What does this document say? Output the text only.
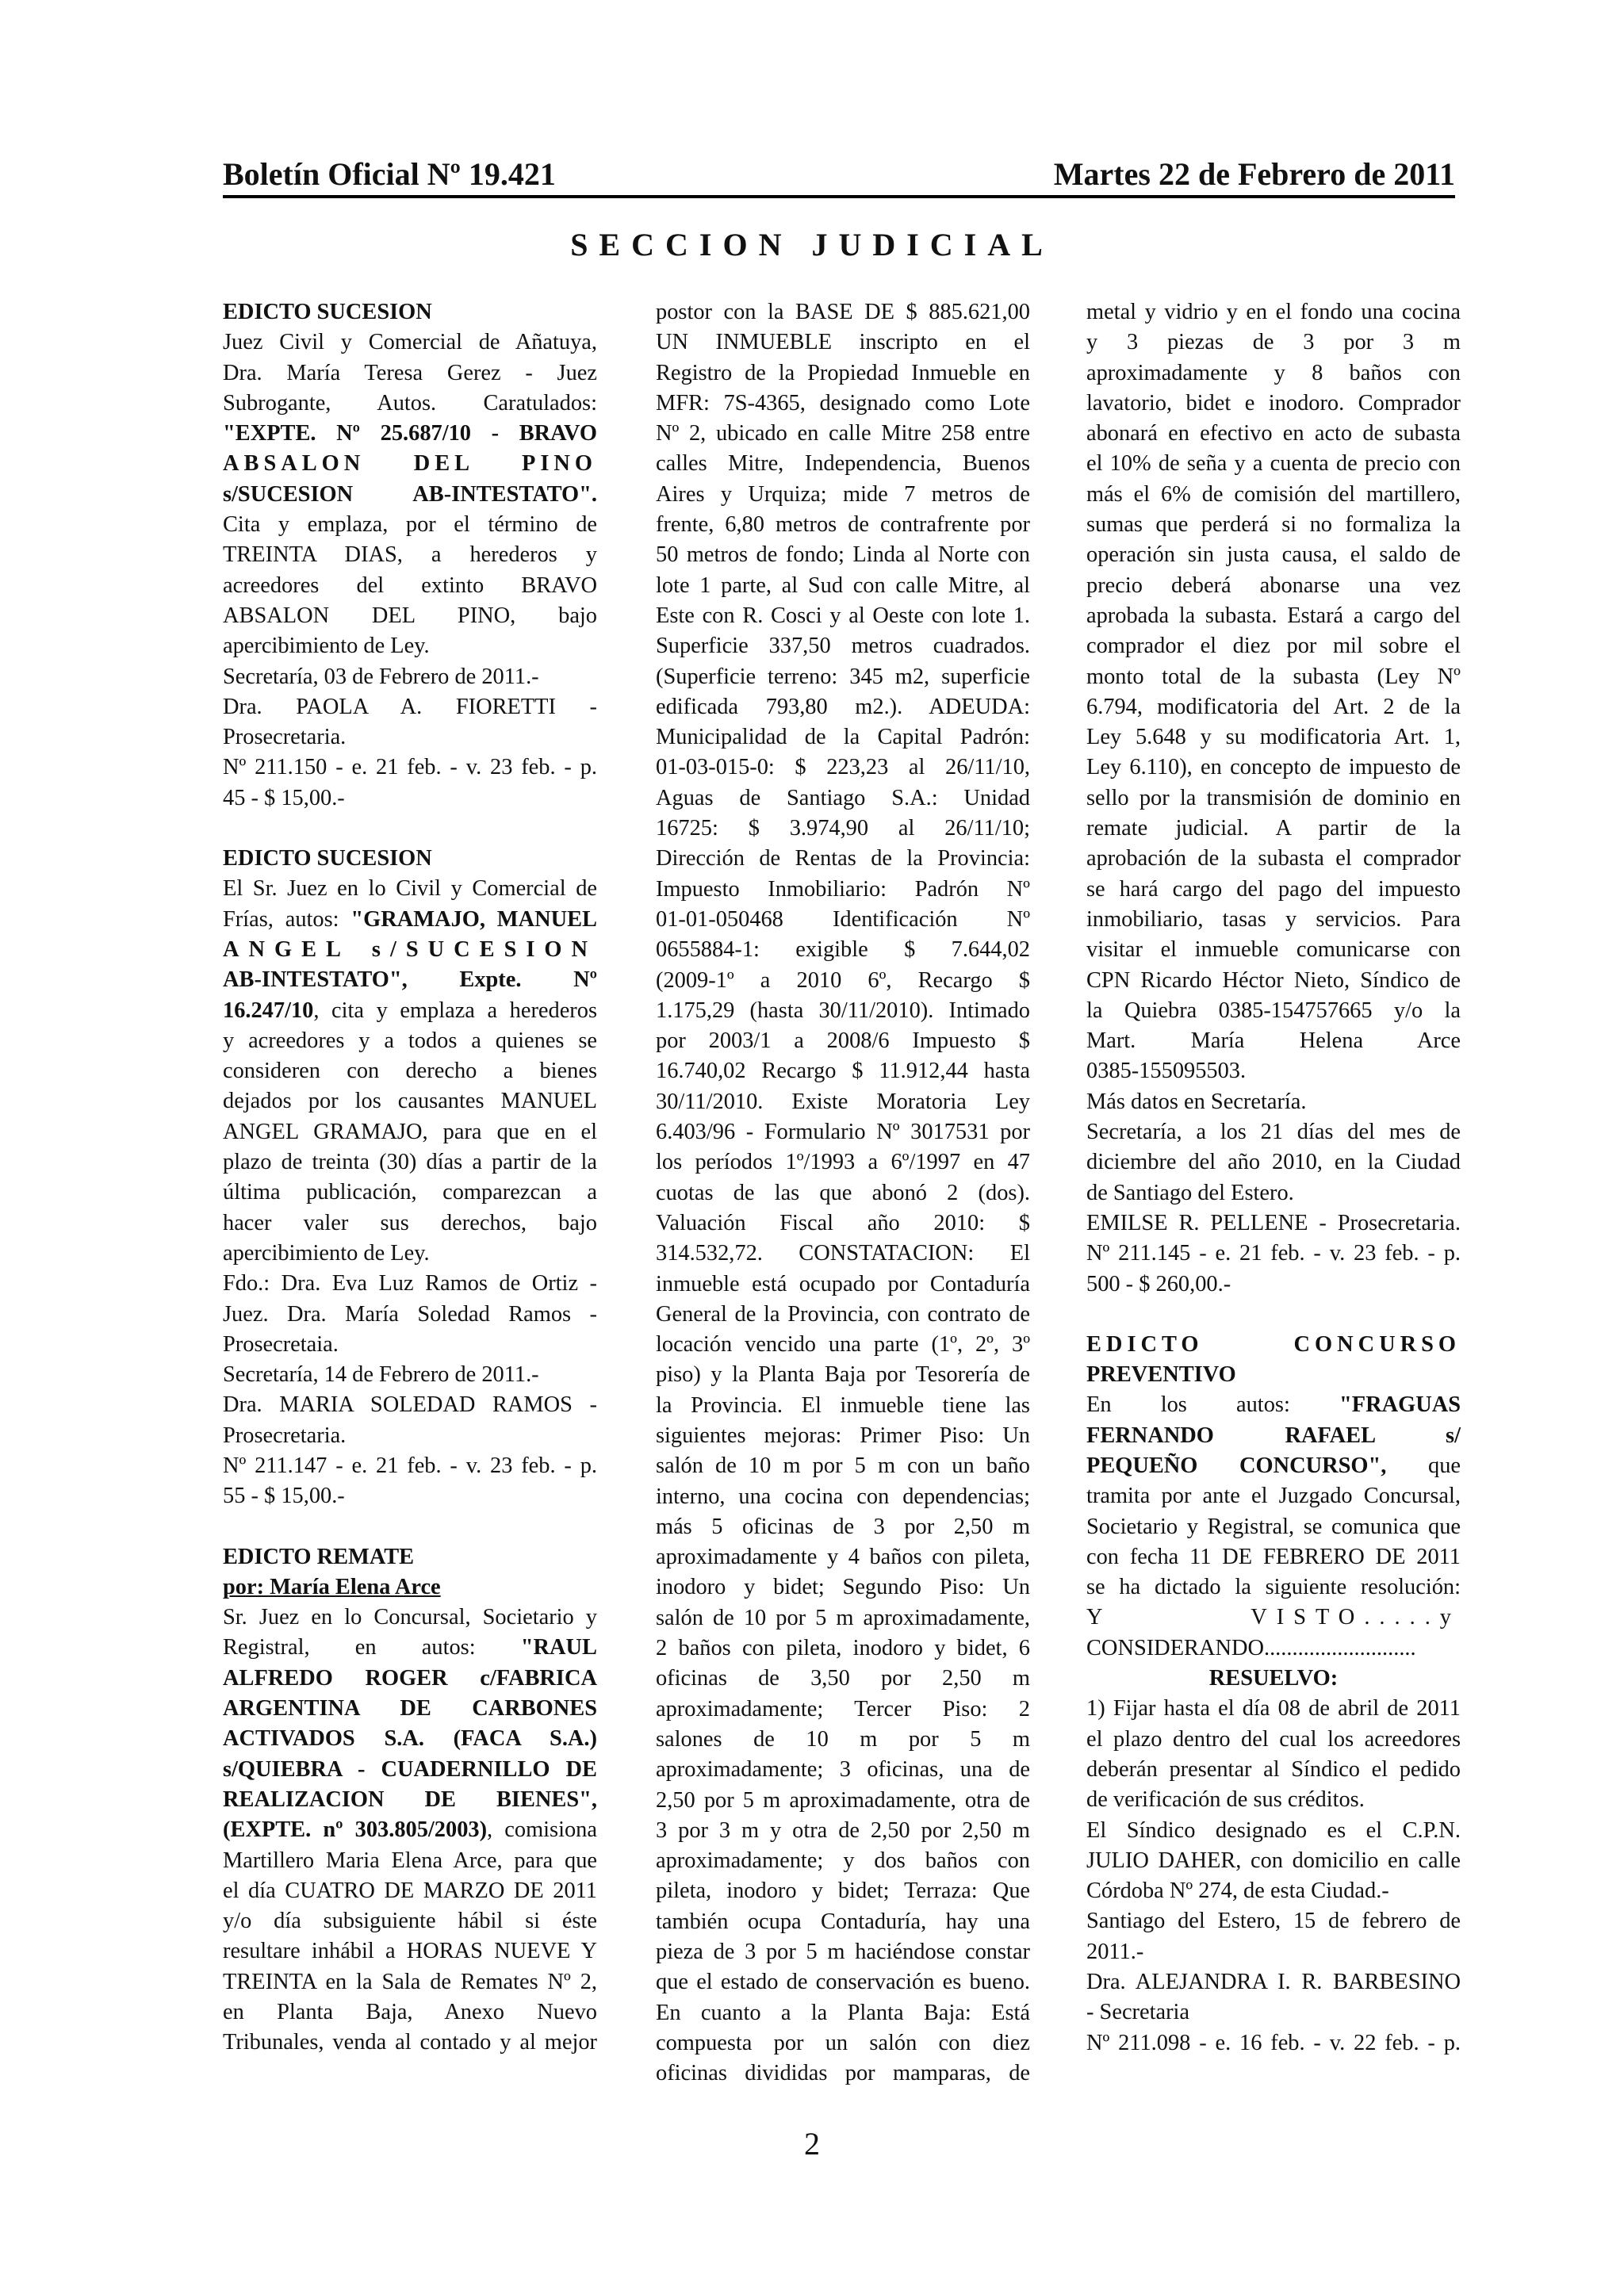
Boletín Oficial Nº 19.421	Martes 22 de Febrero de 2011
SECCION JUDICIAL

EDICTO SUCESION

Juez Civil y Comercial de Añatuya,

Dra. María Teresa Gerez - Juez

Subrogante, Autos. Caratulados:

"EXPTE. Nº 25.687/10 - BRAVO

ABSALON DEL PINO

s/SUCESION AB-INTESTATO".

Cita y emplaza, por el término de

TREINTA DIAS, a herederos y

acreedores del extinto BRAVO

ABSALON DEL PINO, bajo

apercibimiento de Ley.

Secretaría, 03 de Febrero de 2011.-

Dra. PAOLA A. FIORETTI -

Prosecretaria.

Nº 211.150 - e. 21 feb. - v. 23 feb. - p.

45 - $ 15,00.-

EDICTO SUCESION

El Sr. Juez en lo Civil y Comercial de

Frías, autos: "GRAMAJO, MANUEL

ANGEL s/SUCESION

AB-INTESTATO", Expte. Nº

16.247/10, cita y emplaza a herederos

y acreedores y a todos a quienes se

consideren con derecho a bienes

dejados por los causantes MANUEL

ANGEL GRAMAJO, para que en el

plazo de treinta (30) días a partir de la

última publicación, comparezcan a

hacer valer sus derechos, bajo

apercibimiento de Ley.

Fdo.: Dra. Eva Luz Ramos de Ortiz -

Juez. Dra. María Soledad Ramos -

Prosecretaia.

Secretaría, 14 de Febrero de 2011.-

Dra. MARIA SOLEDAD RAMOS -

Prosecretaria.

Nº 211.147 - e. 21 feb. - v. 23 feb. - p.

55 - $ 15,00.-

EDICTO REMATE

por: María Elena Arce

Sr. Juez en lo Concursal, Societario y

Registral, en autos: "RAUL

ALFREDO ROGER c/FABRICA

ARGENTINA DE CARBONES

ACTIVADOS S.A. (FACA S.A.)

s/QUIEBRA - CUADERNILLO DE

REALIZACION DE BIENES",

(EXPTE. nº 303.805/2003), comisiona

Martillero Maria Elena Arce, para que

el día CUATRO DE MARZO DE 2011

y/o día subsiguiente hábil si éste

resultare inhábil a HORAS NUEVE Y

TREINTA en la Sala de Remates Nº 2,

en Planta Baja, Anexo Nuevo

Tribunales, venda al contado y al mejor

postor con la BASE DE $ 885.621,00

UN INMUEBLE inscripto en el

Registro de la Propiedad Inmueble en

MFR: 7S-4365, designado como Lote

Nº 2, ubicado en calle Mitre 258 entre

calles Mitre, Independencia, Buenos

Aires y Urquiza; mide 7 metros de

frente, 6,80 metros de contrafrente por

50 metros de fondo; Linda al Norte con

lote 1 parte, al Sud con calle Mitre, al

Este con R. Cosci y al Oeste con lote 1.

Superficie 337,50 metros cuadrados.

(Superficie terreno: 345 m2, superficie

edificada 793,80 m2.). ADEUDA:

Municipalidad de la Capital Padrón:

01-03-015-0: $ 223,23 al 26/11/10,

Aguas de Santiago S.A.: Unidad

16725: $ 3.974,90 al 26/11/10;

Dirección de Rentas de la Provincia:

Impuesto Inmobiliario: Padrón Nº

01-01-050468 Identificación Nº

0655884-1: exigible $ 7.644,02

(2009-1º a 2010 6º, Recargo $

1.175,29 (hasta 30/11/2010). Intimado

por 2003/1 a 2008/6 Impuesto $

16.740,02 Recargo $ 11.912,44 hasta

30/11/2010. Existe Moratoria Ley

6.403/96 - Formulario Nº 3017531 por

los períodos 1º/1993 a 6º/1997 en 47

cuotas de las que abonó 2 (dos).

Valuación Fiscal año 2010: $

314.532,72. CONSTATACION: El

inmueble está ocupado por Contaduría

General de la Provincia, con contrato de

locación vencido una parte (1º, 2º, 3º

piso) y la Planta Baja por Tesorería de

la Provincia. El inmueble tiene las

siguientes mejoras: Primer Piso: Un

salón de 10 m por 5 m con un baño

interno, una cocina con dependencias;

más 5 oficinas de 3 por 2,50 m

aproximadamente y 4 baños con pileta,

inodoro y bidet; Segundo Piso: Un

salón de 10 por 5 m aproximadamente,

2 baños con pileta, inodoro y bidet, 6

oficinas de 3,50 por 2,50 m

aproximadamente; Tercer Piso: 2

salones de 10 m por 5 m

aproximadamente; 3 oficinas, una de

2,50 por 5 m aproximadamente, otra de

3 por 3 m y otra de 2,50 por 2,50 m

aproximadamente; y dos baños con

pileta, inodoro y bidet; Terraza: Que

también ocupa Contaduría, hay una

pieza de 3 por 5 m haciéndose constar

que el estado de conservación es bueno.

En cuanto a la Planta Baja: Está

compuesta por un salón con diez

oficinas divididas por mamparas, de

metal y vidrio y en el fondo una cocina

y 3 piezas de 3 por 3 m

aproximadamente y 8 baños con

lavatorio, bidet e inodoro. Comprador

abonará en efectivo en acto de subasta

el 10% de seña y a cuenta de precio con

más el 6% de comisión del martillero,

sumas que perderá si no formaliza la

operación sin justa causa, el saldo de

precio deberá abonarse una vez

aprobada la subasta. Estará a cargo del

comprador el diez por mil sobre el

monto total de la subasta (Ley Nº

6.794, modificatoria del Art. 2 de la

Ley 5.648 y su modificatoria Art. 1,

Ley 6.110), en concepto de impuesto de

sello por la transmisión de dominio en

remate judicial. A partir de la

aprobación de la subasta el comprador

se hará cargo del pago del impuesto

inmobiliario, tasas y servicios. Para

visitar el inmueble comunicarse con

CPN Ricardo Héctor Nieto, Síndico de

la Quiebra 0385-154757665 y/o la

Mart. María Helena Arce

0385-155095503.

Más datos en Secretaría.

Secretaría, a los 21 días del mes de

diciembre del año 2010, en la Ciudad

de Santiago del Estero.

EMILSE R. PELLENE - Prosecretaria.

Nº 211.145 - e. 21 feb. - v. 23 feb. - p.

500 - $ 260,00.-

EDICTO CONCURSO

PREVENTIVO

En los autos: "FRAGUAS

FERNANDO RAFAEL s/

PEQUEÑO CONCURSO", que

tramita por ante el Juzgado Concursal,

Societario y Registral, se comunica que

con fecha 11 DE FEBRERO DE 2011

se ha dictado la siguiente resolución:

Y VISTO.....y

CONSIDERANDO...........................

RESUELVO:

1) Fijar hasta el día 08 de abril de 2011

el plazo dentro del cual los acreedores

deberán presentar al Síndico el pedido

de verificación de sus créditos.

El Síndico designado es el C.P.N.

JULIO DAHER, con domicilio en calle

Córdoba Nº 274, de esta Ciudad.-

Santiago del Estero, 15 de febrero de

2011.-

Dra. ALEJANDRA I. R. BARBESINO

- Secretaria

Nº 211.098 - e. 16 feb. - v. 22 feb. - p.

2
